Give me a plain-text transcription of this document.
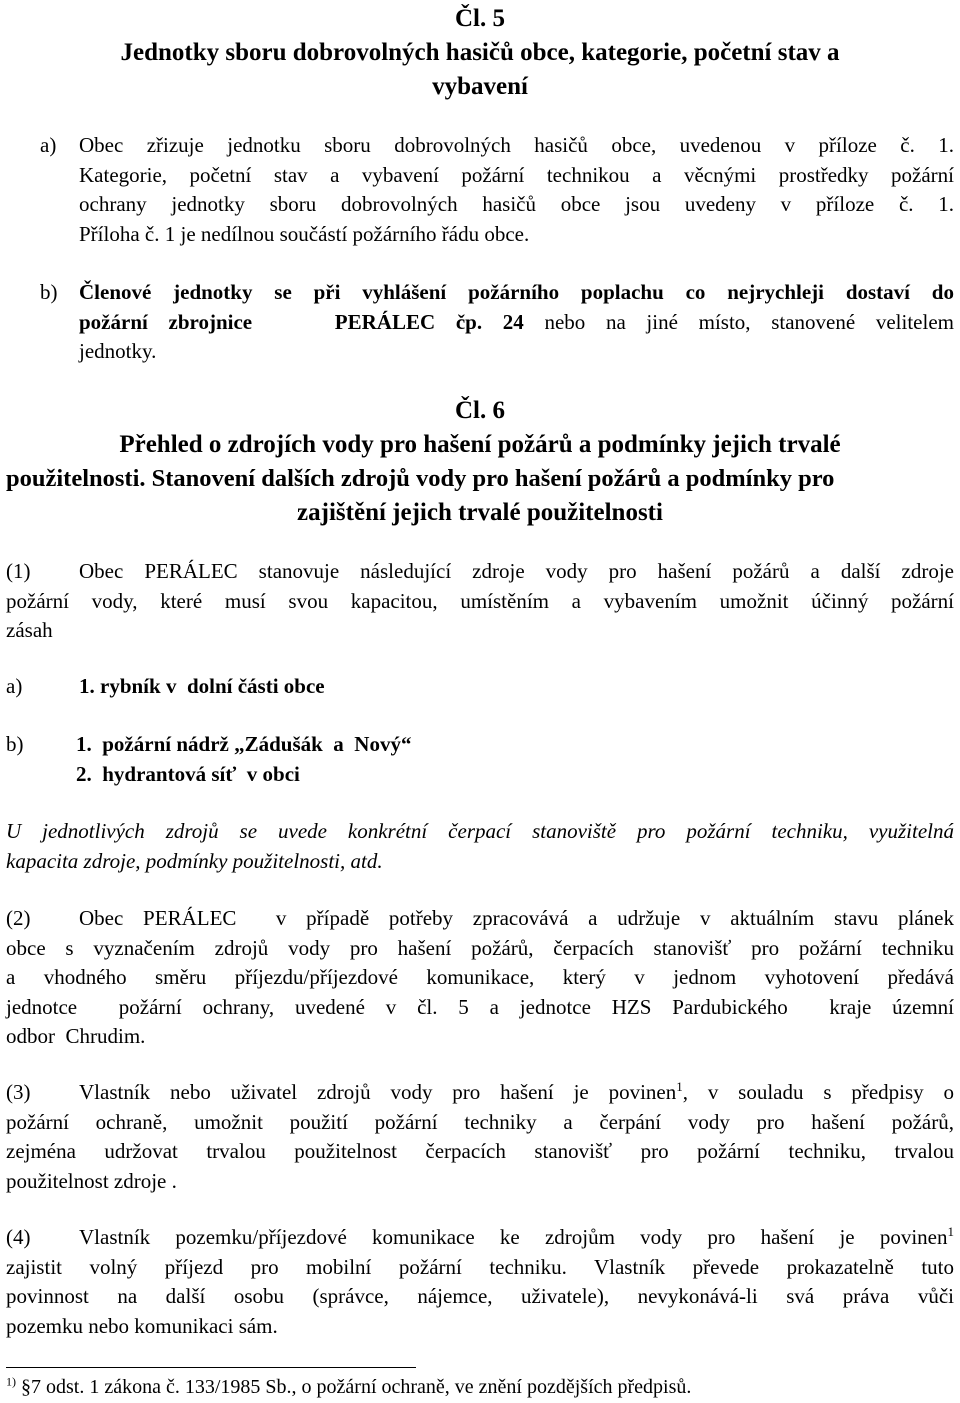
Čl. 5
Jednotky sboru dobrovolných hasičů obce, kategorie, početní stav a
vybavení
a) Obec zřizuje jednotku sboru dobrovolných hasičů obce, uvedenou v příloze č. 1.
Kategorie, početní stav a vybavení požární technikou a věcnými prostředky požární
ochrany jednotky sboru dobrovolných hasičů obce jsou uvedeny v příloze č. 1.
Příloha č. 1 je nedílnou součástí požárního řádu obce.
b) Členové jednotky se při vyhlášení požárního poplachu co nejrychleji dostaví do
požární zbrojnice    PERÁLEC čp. 24 nebo na jiné místo, stanovené velitelem
jednotky.
Čl. 6
Přehled o zdrojích vody pro hašení požárů a podmínky jejich trvalé
použitelnosti. Stanovení dalších zdrojů vody pro hašení požárů a podmínky pro
zajištění jejich trvalé použitelnosti
(1) Obec PERÁLEC stanovuje následující zdroje vody pro hašení požárů a další zdroje
požární vody, které musí svou kapacitou, umístěním a vybavením umožnit účinný požární
zásah
a)	1. rybník v  dolní části obce
b)	1.  požární nádrž „Zádušák  a  Nový“
2.  hydrantová síť  v obci
U jednotlivých zdrojů se uvede konkrétní čerpací stanoviště pro požární techniku, využitelná
kapacita zdroje, podmínky použitelnosti, atd.
(2) Obec PERÁLEC  v případě potřeby zpracovává a udržuje v aktuálním stavu plánek
obce s vyznačením zdrojů vody pro hašení požárů, čerpacích stanovišť pro požární techniku
a vhodného směru příjezdu/příjezdové komunikace, který v jednom vyhotovení předává
jednotce  požární ochrany, uvedené v čl. 5 a jednotce HZS Pardubického  kraje územní
odbor  Chrudim.
(3) Vlastník nebo uživatel zdrojů vody pro hašení je povinen$^1$, v souladu s předpisy o
požární ochraně, umožnit použití požární techniky a čerpání vody pro hašení požárů,
zejména udržovat trvalou použitelnost čerpacích stanovišť pro požární techniku, trvalou
použitelnost zdroje .
(4) Vlastník pozemku/příjezdové komunikace ke zdrojům vody pro hašení je povinen$^1$
zajistit volný příjezd pro mobilní požární techniku. Vlastník převede prokazatelně tuto
povinnost na další osobu (správce, nájemce, uživatele), nevykonává-li svá práva vůči
pozemku nebo komunikaci sám.
$^{1)}$ §7 odst. 1 zákona č. 133/1985 Sb., o požární ochraně, ve znění pozdějších předpisů.
